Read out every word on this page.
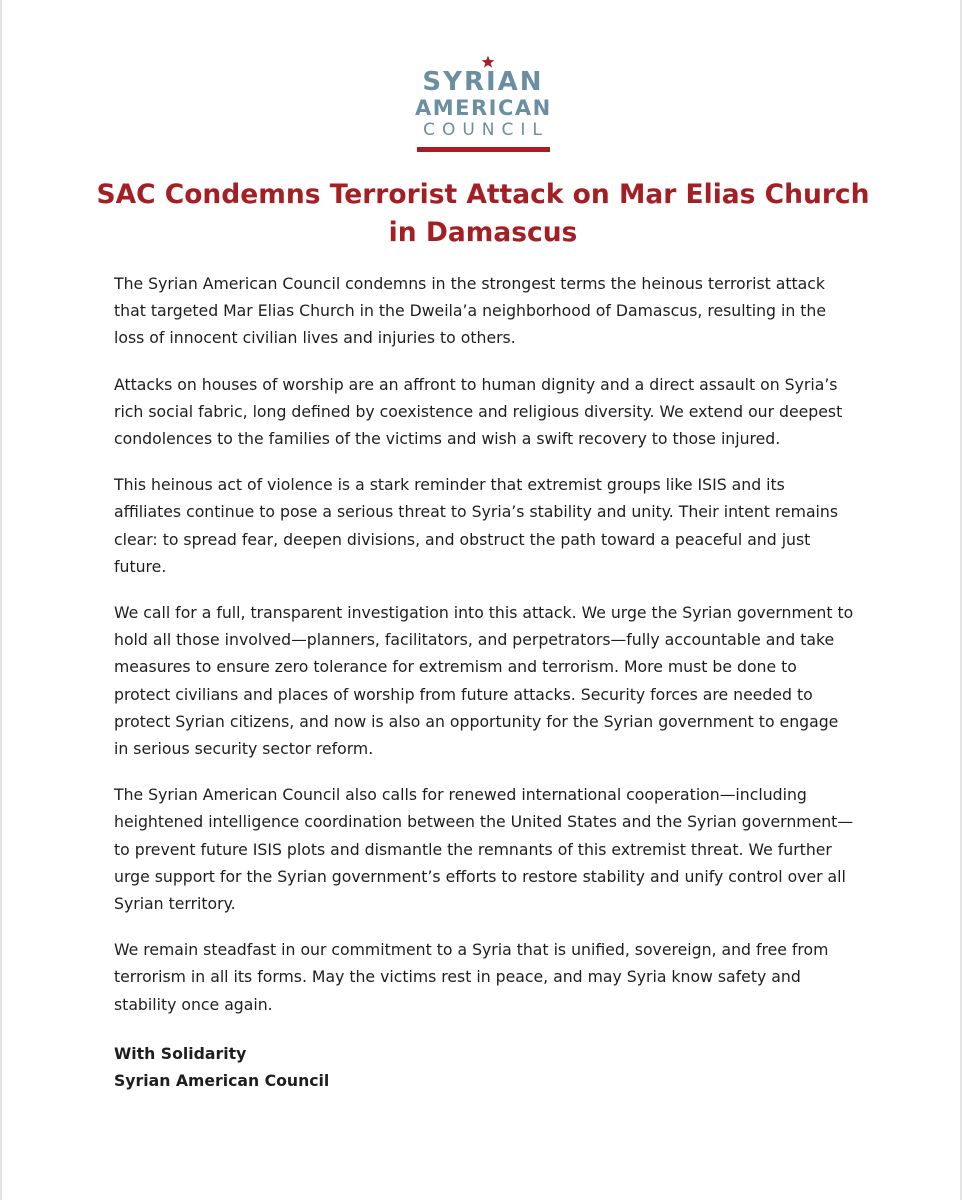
SYRIAN
AMERICAN
COUNCIL
SAC Condemns Terrorist Attack on Mar Elias Church in Damascus

The Syrian American Council condemns in the strongest terms the heinous terrorist attack that targeted Mar Elias Church in the Dweila’a neighborhood of Damascus, resulting in the loss of innocent civilian lives and injuries to others.

Attacks on houses of worship are an affront to human dignity and a direct assault on Syria’s rich social fabric, long defined by coexistence and religious diversity. We extend our deepest condolences to the families of the victims and wish a swift recovery to those injured.

This heinous act of violence is a stark reminder that extremist groups like ISIS and its affiliates continue to pose a serious threat to Syria’s stability and unity. Their intent remains clear: to spread fear, deepen divisions, and obstruct the path toward a peaceful and just future.

We call for a full, transparent investigation into this attack. We urge the Syrian government to hold all those involved—planners, facilitators, and perpetrators—fully accountable and take measures to ensure zero tolerance for extremism and terrorism. More must be done to protect civilians and places of worship from future attacks. Security forces are needed to protect Syrian citizens, and now is also an opportunity for the Syrian government to engage in serious security sector reform.

The Syrian American Council also calls for renewed international cooperation—including heightened intelligence coordination between the United States and the Syrian government—to prevent future ISIS plots and dismantle the remnants of this extremist threat. We further urge support for the Syrian government’s efforts to restore stability and unify control over all Syrian territory.

We remain steadfast in our commitment to a Syria that is unified, sovereign, and free from terrorism in all its forms. May the victims rest in peace, and may Syria know safety and stability once again.

With Solidarity
Syrian American Council
